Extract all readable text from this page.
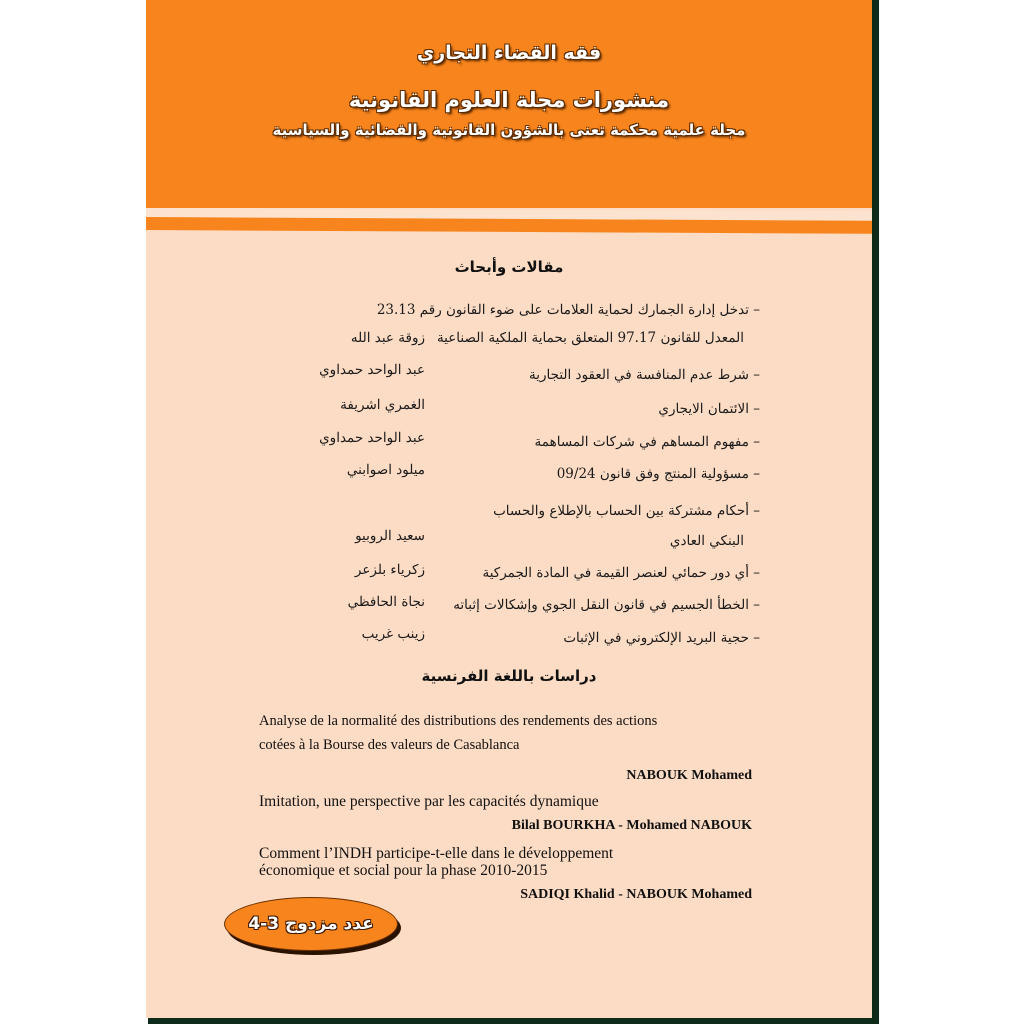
فقه القضاء التجاري
منشورات مجلة العلوم القانونية
مجلة علمية محكمة تعنى بالشؤون القانونية والقضائية والسياسية
مقالات وأبحاث
– تدخل إدارة الجمارك لحماية العلامات على ضوء القانون رقم 23.13
المعدل للقانون 97.17 المتعلق بحماية الملكية الصناعية
زوقة عبد الله
– شرط عدم المنافسة في العقود التجارية
عبد الواحد حمداوي
– الائتمان الايجاري
الغمري اشريفة
– مفهوم المساهم في شركات المساهمة
عبد الواحد حمداوي
– مسؤولية المنتج وفق قانون 09/24
ميلود اصوابني
– أحكام مشتركة بين الحساب بالإطلاع والحساب
البنكي العادي
سعيد الروبيو
– أي دور حمائي لعنصر القيمة في المادة الجمركية
زكرياء بلزعر
– الخطأ الجسيم في قانون النقل الجوي وإشكالات إثباته
نجاة الحافظي
– حجية البريد الإلكتروني في الإثبات
زينب غريب
دراسات باللغة الفرنسية
Analyse de la normalité des distributions des rendements des actions
cotées à la Bourse des valeurs de Casablanca
NABOUK Mohamed
Imitation, une perspective par les capacités dynamique
Bilal BOURKHA - Mohamed NABOUK
Comment l’INDH participe-t-elle dans le développement
économique et social pour la phase 2010-2015
SADIQI Khalid - NABOUK Mohamed
عدد مزدوج 3-4
